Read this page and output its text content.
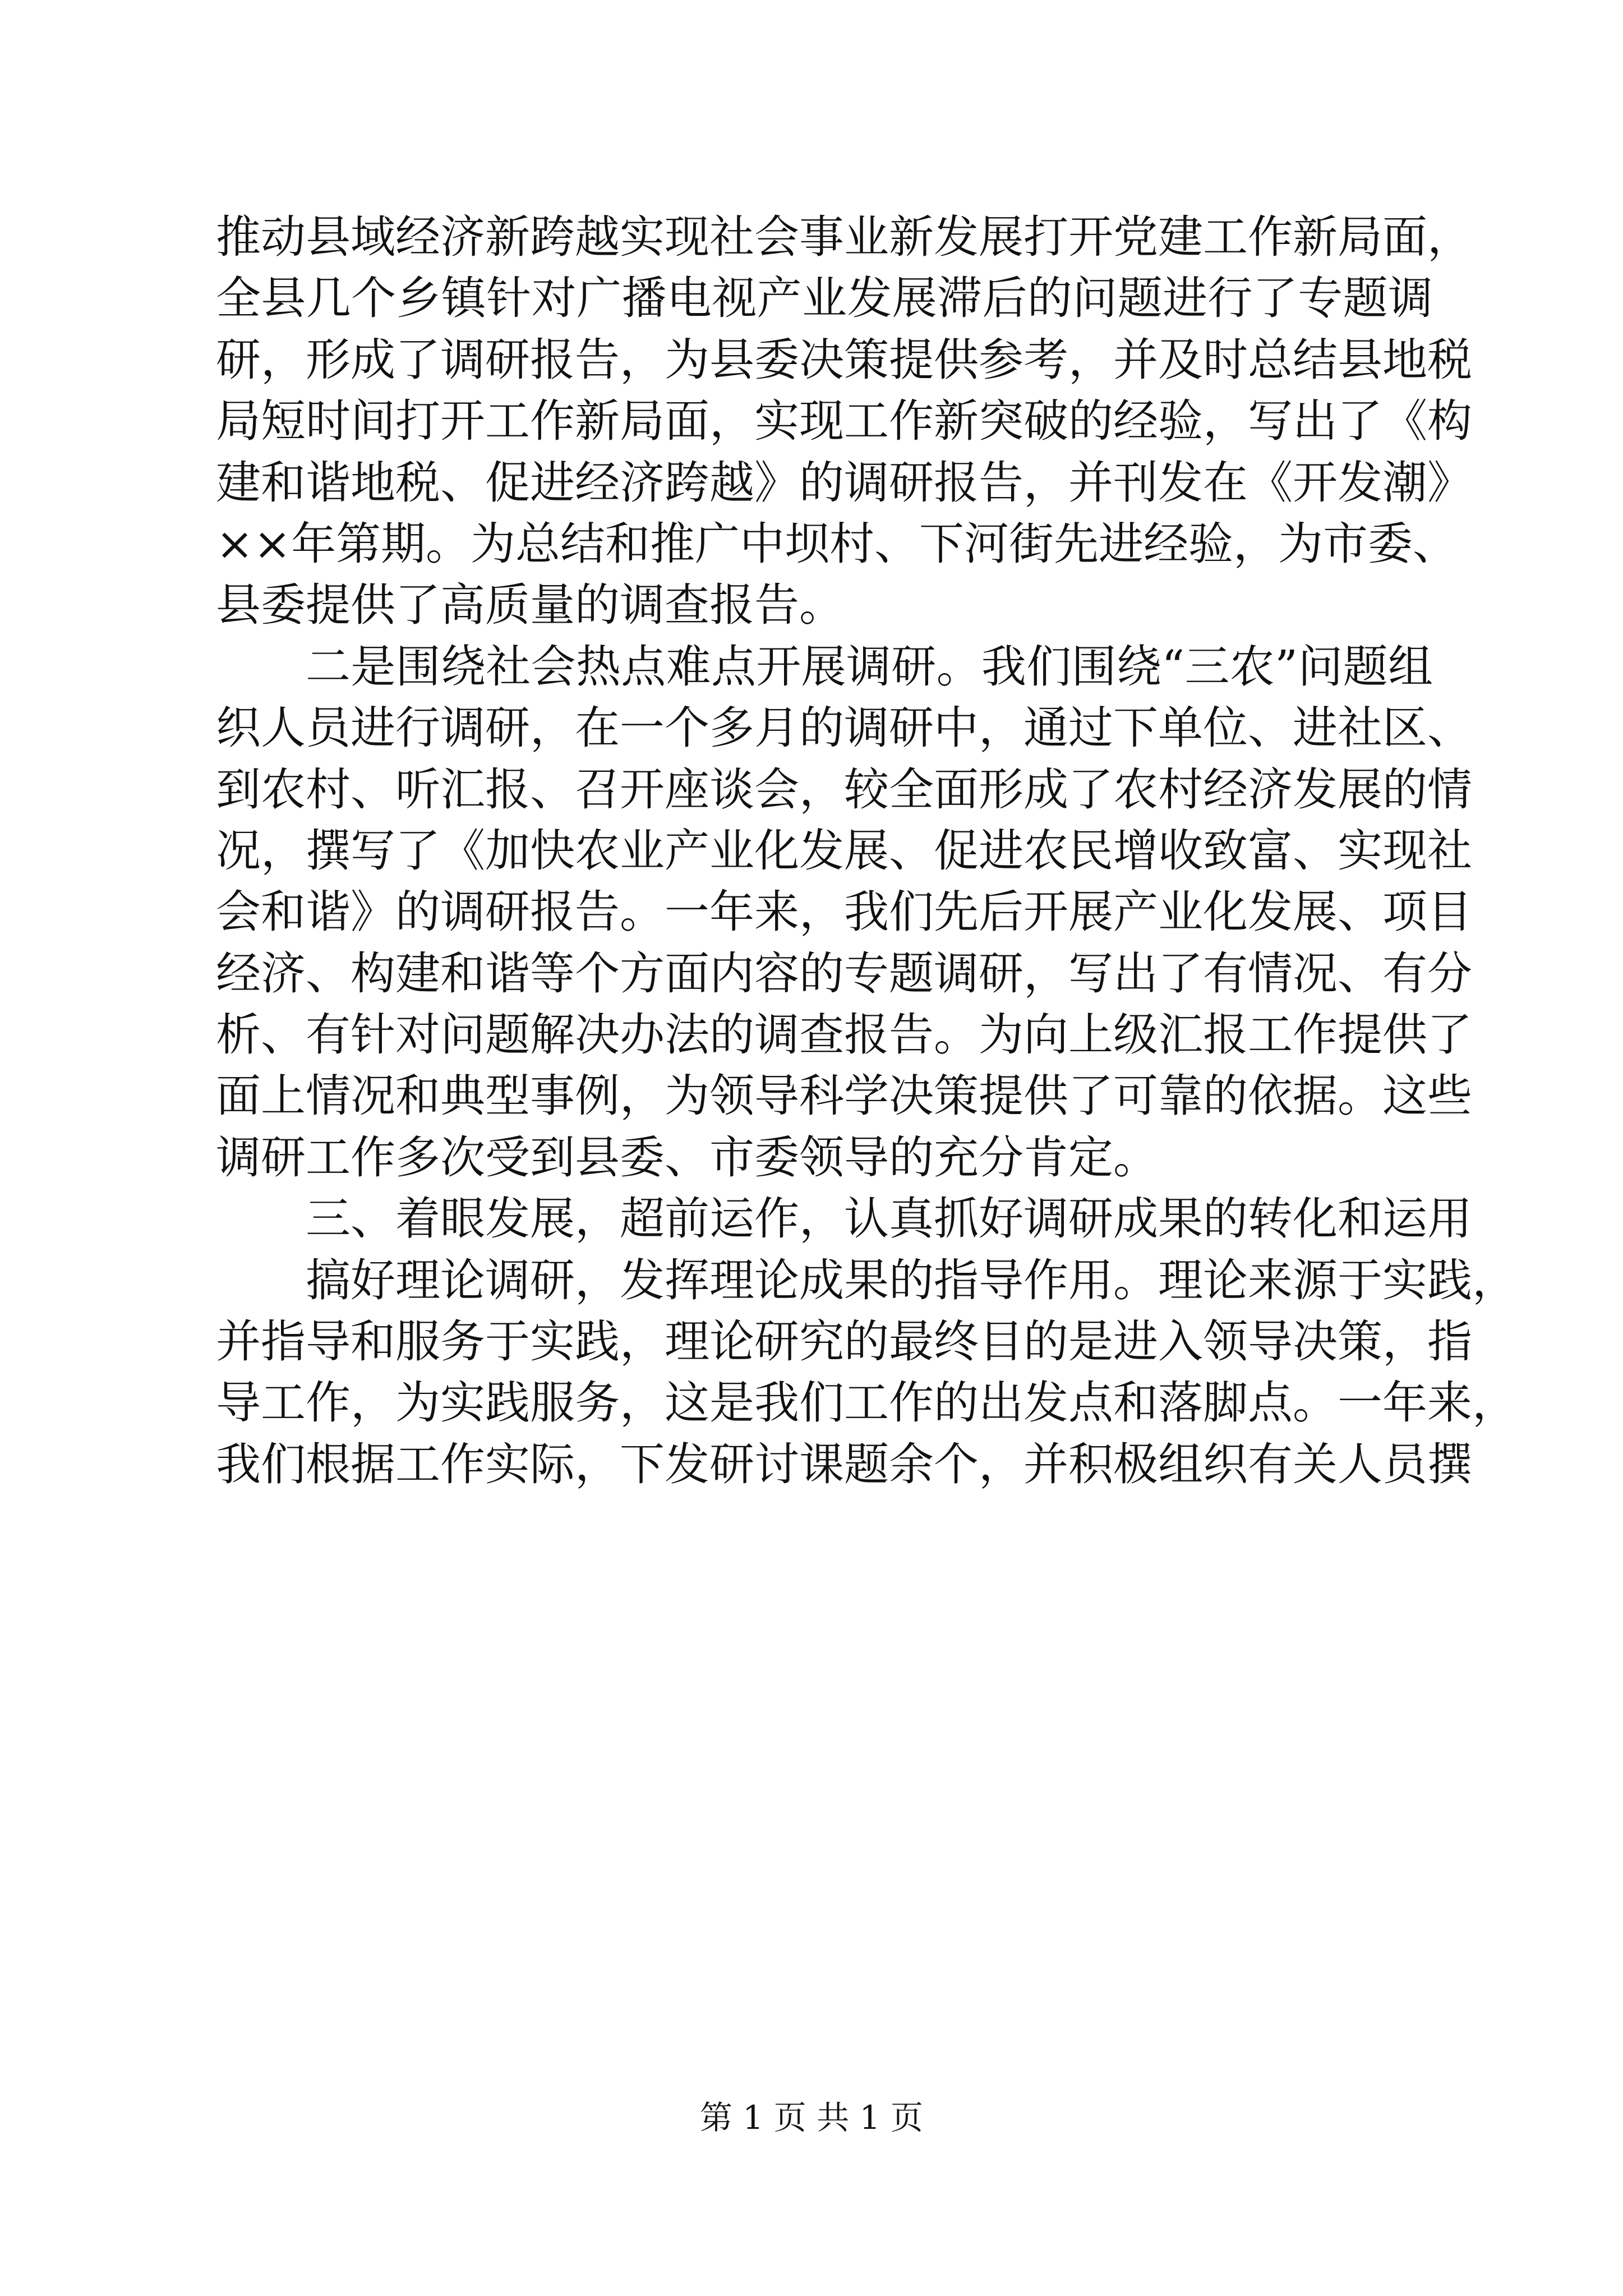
推动县域经济新跨越实现社会事业新发展打开党建工作新局面，
全县几个乡镇针对广播电视产业发展滞后的问题进行了专题调
研，形成了调研报告，为县委决策提供参考，并及时总结县地税
局短时间打开工作新局面，实现工作新突破的经验，写出了《构
建和谐地税、促进经济跨越》的调研报告，并刊发在《开发潮》
××年第期。为总结和推广中坝村、下河街先进经验，为市委、
县委提供了高质量的调查报告。
二是围绕社会热点难点开展调研。我们围绕“三农”问题组
织人员进行调研，在一个多月的调研中，通过下单位、进社区、
到农村、听汇报、召开座谈会，较全面形成了农村经济发展的情
况，撰写了《加快农业产业化发展、促进农民增收致富、实现社
会和谐》的调研报告。一年来，我们先后开展产业化发展、项目
经济、构建和谐等个方面内容的专题调研，写出了有情况、有分
析、有针对问题解决办法的调查报告。为向上级汇报工作提供了
面上情况和典型事例，为领导科学决策提供了可靠的依据。这些
调研工作多次受到县委、市委领导的充分肯定。
三、着眼发展，超前运作，认真抓好调研成果的转化和运用
搞好理论调研，发挥理论成果的指导作用。理论来源于实践，
并指导和服务于实践，理论研究的最终目的是进入领导决策，指
导工作，为实践服务，这是我们工作的出发点和落脚点。一年来，
我们根据工作实际，下发研讨课题余个，并积极组织有关人员撰
第 1 页 共 1 页
